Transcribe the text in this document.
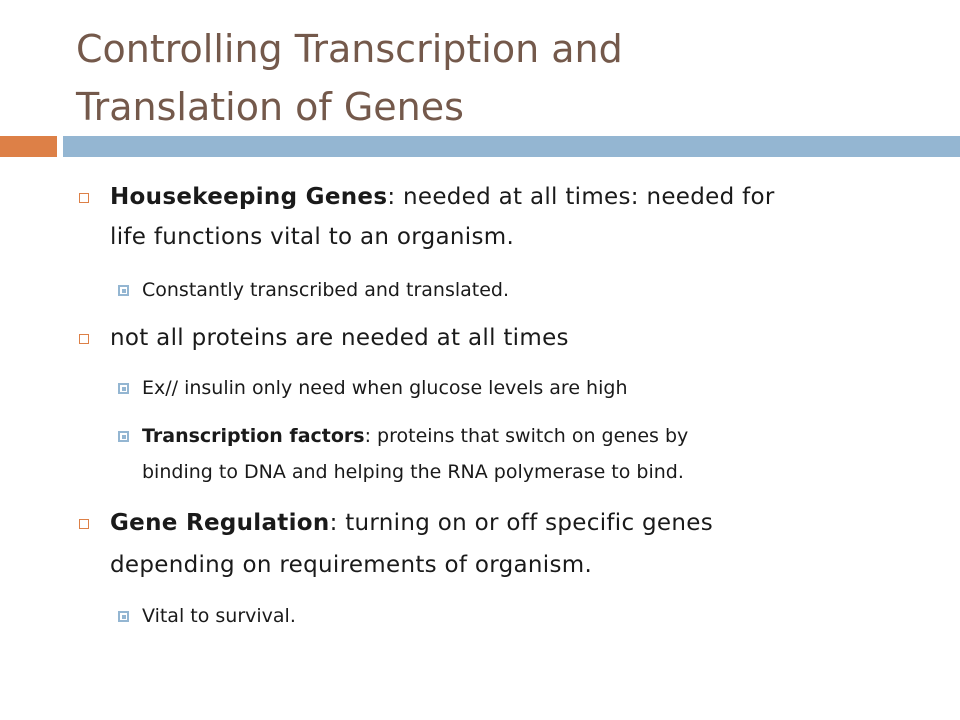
Controlling Transcription and
Translation of Genes
Housekeeping Genes: needed at all times: needed for
life functions vital to an organism.
Constantly transcribed and translated.
not all proteins are needed at all times
Ex// insulin only need when glucose levels are high
Transcription factors: proteins that switch on genes by
binding to DNA and helping the RNA polymerase to bind.
Gene Regulation: turning on or off specific genes
depending on requirements of organism.
Vital to survival.
